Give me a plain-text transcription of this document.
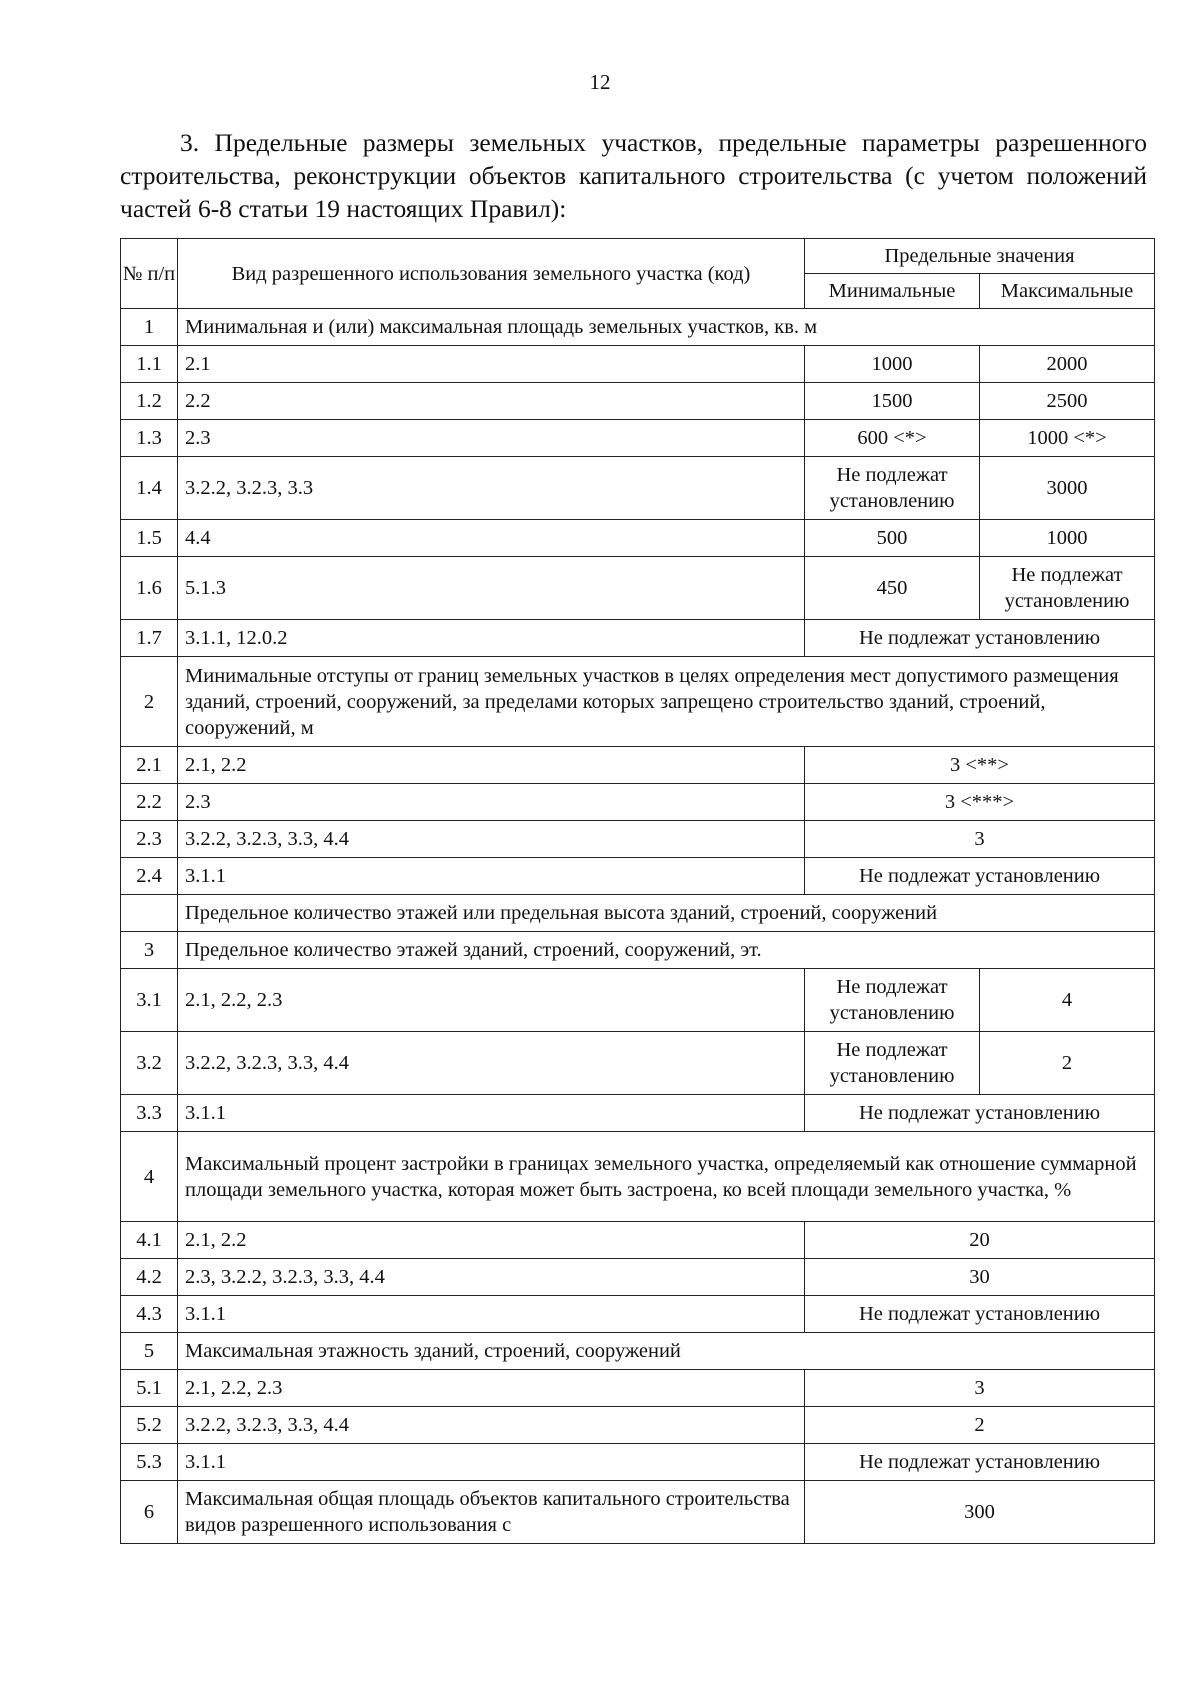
12

3. Предельные размеры земельных участков, предельные параметры разрешенного строительства, реконструкции объектов капитального строительства (с учетом положений частей 6-8 статьи 19 настоящих Правил):

№ п/п	Вид разрешенного использования земельного участка (код)	Предельные значения	
		Минимальные	Максимальные
1	Минимальная и (или) максимальная площадь земельных участков, кв. м		
1.1	2.1	1000	2000
1.2	2.2	1500	2500
1.3	2.3	600 <*>	1000 <*>
1.4	3.2.2, 3.2.3, 3.3	Не подлежат установлению	3000
1.5	4.4	500	1000
1.6	5.1.3	450	Не подлежат установлению
1.7	3.1.1, 12.0.2	Не подлежат установлению	
2	Минимальные отступы от границ земельных участков в целях определения мест допустимого размещения зданий, строений, сооружений, за пределами которых запрещено строительство зданий, строений, сооружений, м		
2.1	2.1, 2.2	3 <**>	
2.2	2.3	3 <***>	
2.3	3.2.2, 3.2.3, 3.3, 4.4	3	
2.4	3.1.1	Не подлежат установлению	
	Предельное количество этажей или предельная высота зданий, строений, сооружений		
3	Предельное количество этажей зданий, строений, сооружений, эт.		
3.1	2.1, 2.2, 2.3	Не подлежат установлению	4
3.2	3.2.2, 3.2.3, 3.3, 4.4	Не подлежат установлению	2
3.3	3.1.1	Не подлежат установлению	
4	Максимальный процент застройки в границах земельного участка, определяемый как отношение суммарной площади земельного участка, которая может быть застроена, ко всей площади земельного участка, %		
4.1	2.1, 2.2	20	
4.2	2.3, 3.2.2, 3.2.3, 3.3, 4.4	30	
4.3	3.1.1	Не подлежат установлению	
5	Максимальная этажность зданий, строений, сооружений		
5.1	2.1, 2.2, 2.3	3	
5.2	3.2.2, 3.2.3, 3.3, 4.4	2	
5.3	3.1.1	Не подлежат установлению	
6	Максимальная общая площадь объектов капитального строительства видов разрешенного использования с	300	
